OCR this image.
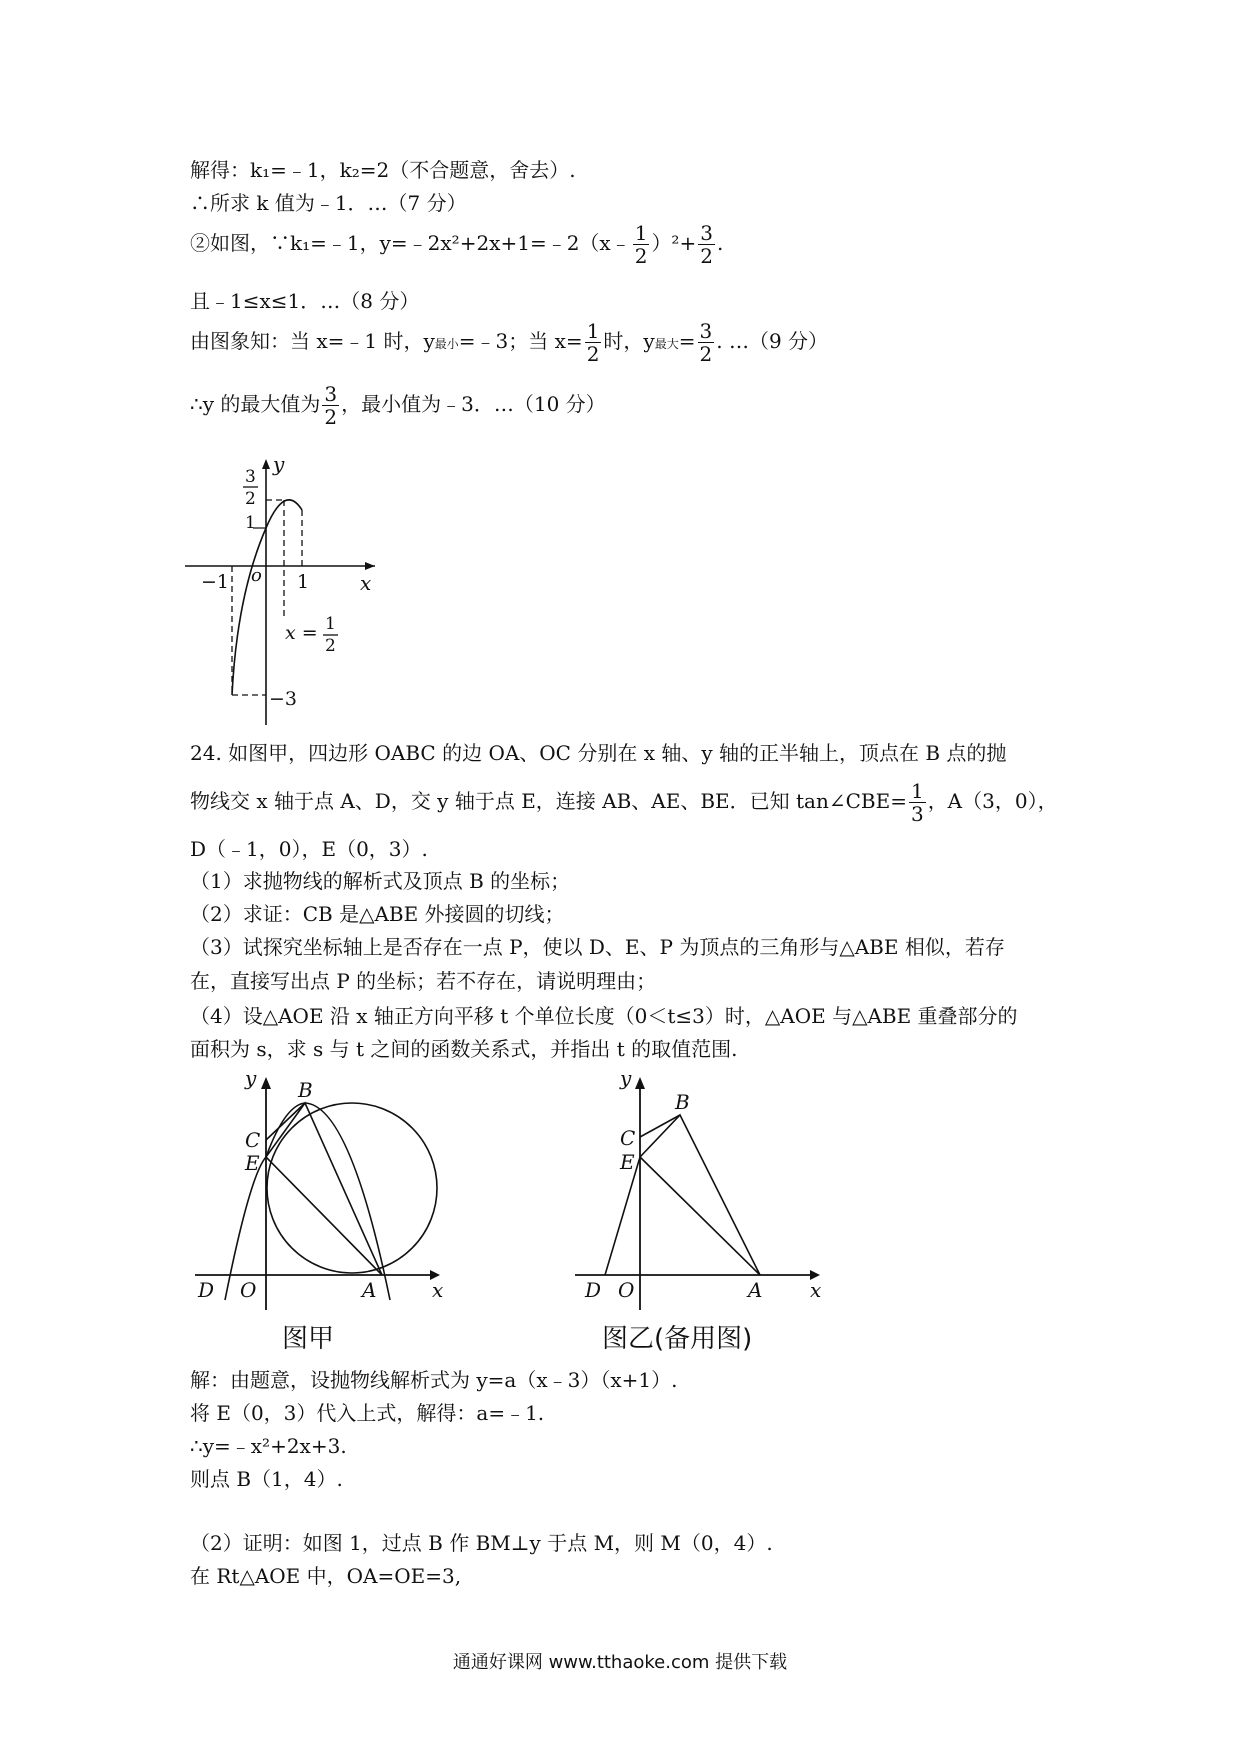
解得：k₁=﹣1，k₂=2（不合题意，舍去）.
∴所求 k 值为﹣1．…（7 分）
②如图，∵k₁=﹣1，y=﹣2x²+2x+1=﹣2（x﹣ $\frac{1}{2} )^2+ \frac{3}{2}$ .
且﹣1≤x≤1．…（8 分）
由图象知：当 x=﹣1 时，y最小=﹣3；当 $x= \frac{1}{2}$ 时，y最大= $\frac{3}{2}$ . …（9 分）
∴y 的最大值为 $\frac{3}{2}$ ，最小值为﹣3．…（10 分）
y
x
o
3
2
1
−1	1
x = 1
2
−3
24. 如图甲，四边形 OABC 的边 OA、OC 分别在 x 轴、y 轴的正半轴上，顶点在 B 点的抛
物线交 x 轴于点 A、D，交 y 轴于点 E，连接 AB、AE、BE．已知 tan∠CBE= $\frac{1}{3}$ ，A（3，0），
D（﹣1，0），E（0，3）.
（1）求抛物线的解析式及顶点 B 的坐标；
（2）求证：CB 是△ABE 外接圆的切线；
（3）试探究坐标轴上是否存在一点 P，使以 D、E、P 为顶点的三角形与△ABE 相似，若存
在，直接写出点 P 的坐标；若不存在，请说明理由；
（4）设△AOE 沿 x 轴正方向平移 t 个单位长度（0＜t≤3）时，△AOE 与△ABE 重叠部分的
面积为 s，求 s 与 t 之间的函数关系式，并指出 t 的取值范围.
y
x
B
C
E
D O	A
图甲
y
x
B
C
E
D O	A
图乙(备用图)
解：由题意，设抛物线解析式为 y=a（x﹣3）（x+1）.
将 E（0，3）代入上式，解得：a=﹣1.
∴y=﹣x²+2x+3.
则点 B（1，4）.
（2）证明：如图 1，过点 B 作 BM⊥y 于点 M，则 M（0，4）.
在 Rt△AOE 中，OA=OE=3,
通通好课网 www.tthaoke.com 提供下载
